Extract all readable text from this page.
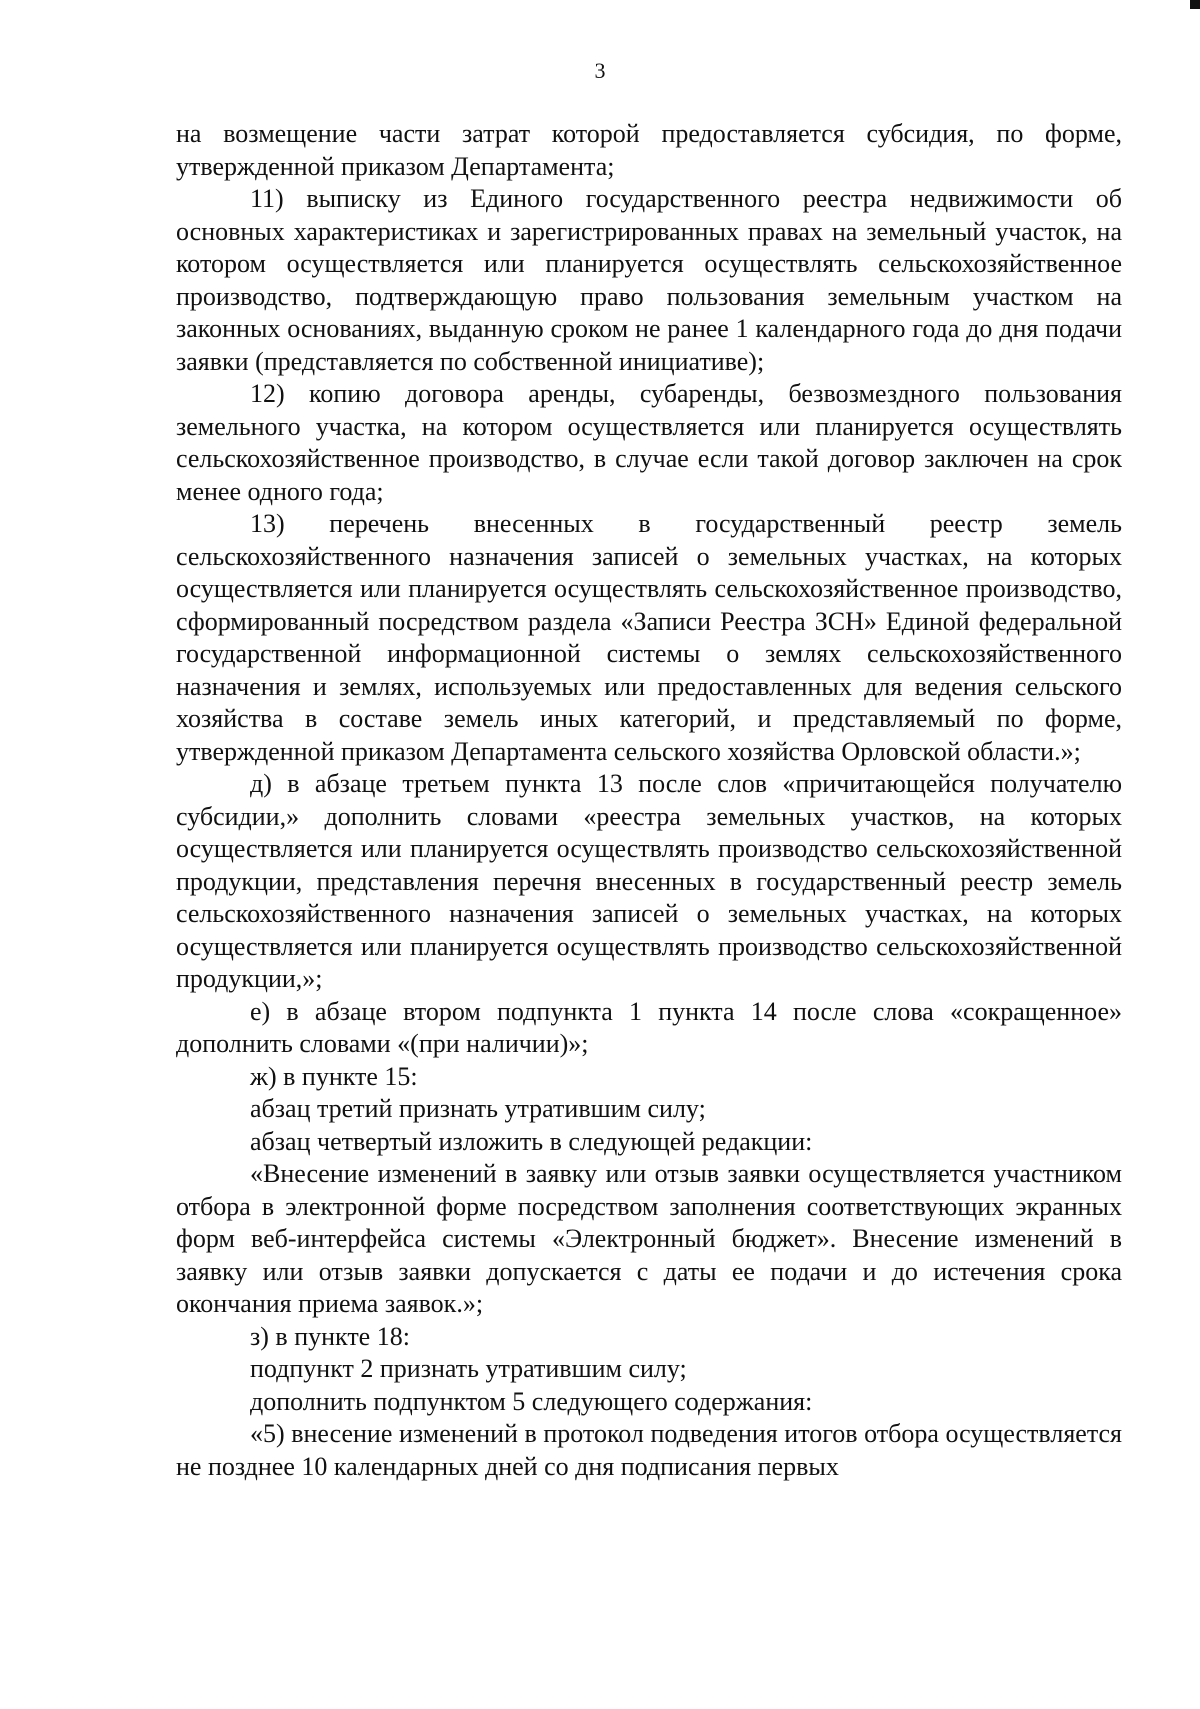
3

на возмещение части затрат которой предоставляется субсидия, по форме, утвержденной приказом Департамента;

11) выписку из Единого государственного реестра недвижимости об основных характеристиках и зарегистрированных правах на земельный участок, на котором осуществляется или планируется осуществлять сельскохозяйственное производство, подтверждающую право пользования земельным участком на законных основаниях, выданную сроком не ранее 1 календарного года до дня подачи заявки (представляется по собственной инициативе);

12) копию договора аренды, субаренды, безвозмездного пользования земельного участка, на котором осуществляется или планируется осуществлять сельскохозяйственное производство, в случае если такой договор заключен на срок менее одного года;

13) перечень внесенных в государственный реестр земель сельскохозяйственного назначения записей о земельных участках, на которых осуществляется или планируется осуществлять сельскохозяйственное производство, сформированный посредством раздела «Записи Реестра ЗСН» Единой федеральной государственной информационной системы о землях сельскохозяйственного назначения и землях, используемых или предоставленных для ведения сельского хозяйства в составе земель иных категорий, и представляемый по форме, утвержденной приказом Департамента сельского хозяйства Орловской области.»;

д) в абзаце третьем пункта 13 после слов «причитающейся получателю субсидии,» дополнить словами «реестра земельных участков, на которых осуществляется или планируется осуществлять производство сельскохозяйственной продукции, представления перечня внесенных в государственный реестр земель сельскохозяйственного назначения записей о земельных участках, на которых осуществляется или планируется осуществлять производство сельскохозяйственной продукции,»;

е) в абзаце втором подпункта 1 пункта 14 после слова «сокращенное» дополнить словами «(при наличии)»;

ж) в пункте 15:

абзац третий признать утратившим силу;

абзац четвертый изложить в следующей редакции:

«Внесение изменений в заявку или отзыв заявки осуществляется участником отбора в электронной форме посредством заполнения соответствующих экранных форм веб-интерфейса системы «Электронный бюджет». Внесение изменений в заявку или отзыв заявки допускается с даты ее подачи и до истечения срока окончания приема заявок.»;

з) в пункте 18:

подпункт 2 признать утратившим силу;

дополнить подпунктом 5 следующего содержания:

«5) внесение изменений в протокол подведения итогов отбора осуществляется не позднее 10 календарных дней со дня подписания первых
